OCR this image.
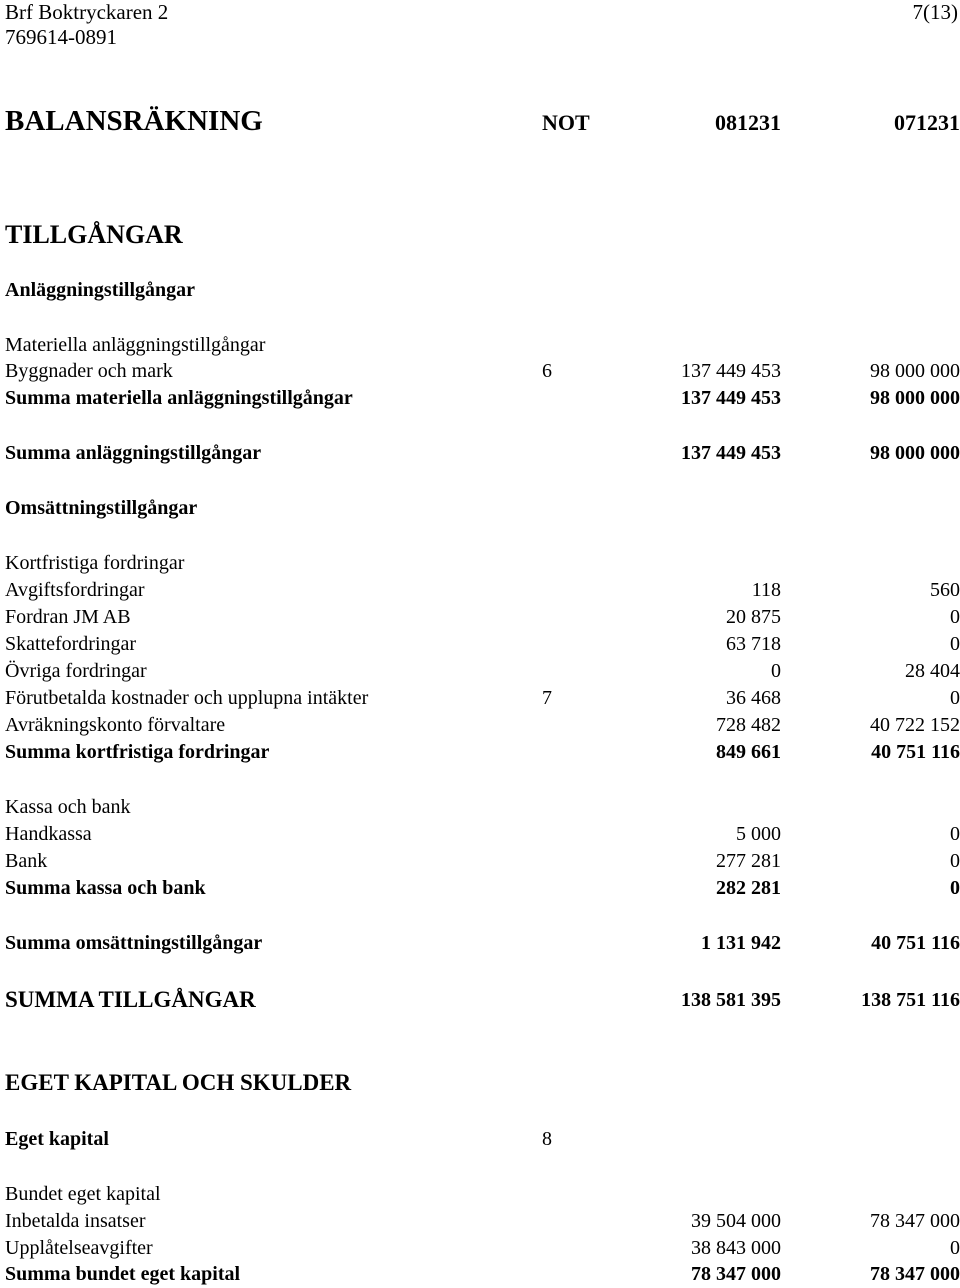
Brf Boktryckaren 2
769614-0891
7(13)
BALANSRÄKNING	NOT	081231	071231
TILLGÅNGAR
Anläggningstillgångar
Materiella anläggningstillgångar
Byggnader och mark	6	137 449 453	98 000 000
Summa materiella anläggningstillgångar	137 449 453	98 000 000
Summa anläggningstillgångar	137 449 453	98 000 000
Omsättningstillgångar
Kortfristiga fordringar
Avgiftsfordringar	118	560
Fordran JM AB	20 875	0
Skattefordringar	63 718	0
Övriga fordringar	0	28 404
Förutbetalda kostnader och upplupna intäkter	7	36 468	0
Avräkningskonto förvaltare	728 482	40 722 152
Summa kortfristiga fordringar	849 661	40 751 116
Kassa och bank
Handkassa	5 000	0
Bank	277 281	0
Summa kassa och bank	282 281	0
Summa omsättningstillgångar	1 131 942	40 751 116
SUMMA TILLGÅNGAR	138 581 395	138 751 116
EGET KAPITAL OCH SKULDER
Eget kapital	8
Bundet eget kapital
Inbetalda insatser	39 504 000	78 347 000
Upplåtelseavgifter	38 843 000	0
Summa bundet eget kapital	78 347 000	78 347 000
